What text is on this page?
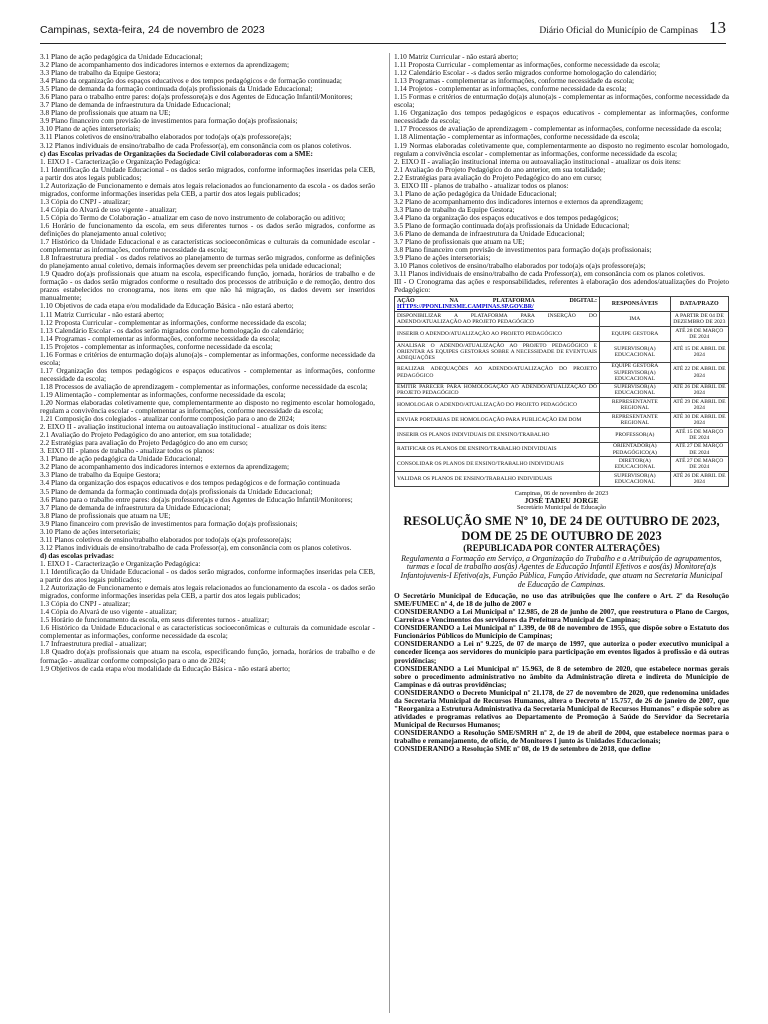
Campinas, sexta-feira, 24 de novembro de 2023	Diário Oficial do Município de Campinas 13

3.1 Plano de ação pedagógica da Unidade Educacional;

3.2 Plano de acompanhamento dos indicadores internos e externos da aprendizagem;

3.3 Plano de trabalho da Equipe Gestora;

3.4 Plano da organização dos espaços educativos e dos tempos pedagógicos e de formação continuada;

3.5 Plano de demanda da formação continuada do(a)s profissionais da Unidade Educacional;

3.6 Plano para o trabalho entre pares: do(a)s professore(a)s e dos Agentes de Educação Infantil/Monitores;

3.7 Plano de demanda de infraestrutura da Unidade Educacional;

3.8 Plano de profissionais que atuam na UE;

3.9 Plano financeiro com previsão de investimentos para formação do(a)s profissionais;

3.10 Plano de ações intersetoriais;

3.11 Planos coletivos de ensino/trabalho elaborados por todo(a)s o(a)s professore(a)s;

3.12 Planos individuais de ensino/trabalho de cada Professor(a), em consonância com os planos coletivos.

c) das Escolas privadas de Organizações da Sociedade Civil colaboradoras com a SME:

1. EIXO I - Caracterização e Organização Pedagógica:

1.1 Identificação da Unidade Educacional - os dados serão migrados, conforme informações inseridas pela CEB, a partir dos atos legais publicados;

1.2 Autorização de Funcionamento e demais atos legais relacionados ao funcionamento da escola - os dados serão migrados, conforme informações inseridas pela CEB, a partir dos atos legais publicados;

1.3 Cópia do CNPJ - atualizar;

1.4 Cópia do Alvará de uso vigente - atualizar;

1.5 Cópia do Termo de Colaboração - atualizar em caso de novo instrumento de colaboração ou aditivo;

1.6 Horário de funcionamento da escola, em seus diferentes turnos - os dados serão migrados, conforme as definições do planejamento anual coletivo;

1.7 Histórico da Unidade Educacional e as características socioeconômicas e culturais da comunidade escolar - complementar as informações, conforme necessidade da escola;

1.8 Infraestrutura predial - os dados relativos ao planejamento de turmas serão migrados, conforme as definições do planejamento anual coletivo, demais informações devem ser preenchidas pela unidade educacional;

1.9 Quadro do(a)s profissionais que atuam na escola, especificando função, jornada, horários de trabalho e de formação - os dados serão migrados conforme o resultado dos processos de atribuição e de remoção, dentro dos prazos estabelecidos no cronograma, nos itens em que não há migração, os dados devem ser inseridos manualmente;

1.10 Objetivos de cada etapa e/ou modalidade da Educação Básica - não estará aberto;

1.11 Matriz Curricular - não estará aberto;

1.12 Proposta Curricular - complementar as informações, conforme necessidade da escola;

1.13 Calendário Escolar - os dados serão migrados conforme homologação do calendário;

1.14 Programas - complementar as informações, conforme necessidade da escola;

1.15 Projetos - complementar as informações, conforme necessidade da escola;

1.16 Formas e critérios de enturmação do(a)s aluno(a)s - complementar as informações, conforme necessidade da escola;

1.17 Organização dos tempos pedagógicos e espaços educativos - complementar as informações, conforme necessidade da escola;

1.18 Processos de avaliação de aprendizagem - complementar as informações, conforme necessidade da escola;

1.19 Alimentação - complementar as informações, conforme necessidade da escola;

1.20 Normas elaboradas coletivamente que, complementarmente ao disposto no regimento escolar homologado, regulam a convivência escolar - complementar as informações, conforme necessidade da escola;

1.21 Composição dos colegiados - atualizar conforme composição para o ano de 2024;

2. EIXO II - avaliação institucional interna ou autoavaliação institucional - atualizar os dois itens:

2.1 Avaliação do Projeto Pedagógico do ano anterior, em sua totalidade;

2.2 Estratégias para avaliação do Projeto Pedagógico do ano em curso;

3. EIXO III - planos de trabalho - atualizar todos os planos:

3.1 Plano de ação pedagógica da Unidade Educacional;

3.2 Plano de acompanhamento dos indicadores internos e externos da aprendizagem;

3.3 Plano de trabalho da Equipe Gestora;

3.4 Plano da organização dos espaços educativos e dos tempos pedagógicos e de formação continuada

3.5 Plano de demanda da formação continuada do(a)s profissionais da Unidade Educacional;

3.6 Plano para o trabalho entre pares: do(a)s professore(a)s e dos Agentes de Educação Infantil/Monitores;

3.7 Plano de demanda de infraestrutura da Unidade Educacional;

3.8 Plano de profissionais que atuam na UE;

3.9 Plano financeiro com previsão de investimentos para formação do(a)s profissionais;

3.10 Plano de ações intersetoriais;

3.11 Planos coletivos de ensino/trabalho elaborados por todo(a)s o(a)s professore(a)s;

3.12 Planos individuais de ensino/trabalho de cada Professor(a), em consonância com os planos coletivos.

d) das escolas privadas:

1. EIXO I - Caracterização e Organização Pedagógica:

1.1 Identificação da Unidade Educacional - os dados serão migrados, conforme informações inseridas pela CEB, a partir dos atos legais publicados;

1.2 Autorização de Funcionamento e demais atos legais relacionados ao funcionamento da escola - os dados serão migrados, conforme informações inseridas pela CEB, a partir dos atos legais publicados;

1.3 Cópia do CNPJ - atualizar;

1.4 Cópia do Alvará de uso vigente - atualizar;

1.5 Horário de funcionamento da escola, em seus diferentes turnos - atualizar;

1.6 Histórico da Unidade Educacional e as características socioeconômicas e culturais da comunidade escolar - complementar as informações, conforme necessidade da escola;

1.7 Infraestrutura predial - atualizar;

1.8 Quadro do(a)s profissionais que atuam na escola, especificando função, jornada, horários de trabalho e de formação - atualizar conforme composição para o ano de 2024;

1.9 Objetivos de cada etapa e/ou modalidade da Educação Básica - não estará aberto;

1.10 Matriz Curricular - não estará aberto;

1.11 Proposta Curricular - complementar as informações, conforme necessidade da escola;

1.12 Calendário Escolar - -s dados serão migrados conforme homologação do calendário;

1.13 Programas - complementar as informações, conforme necessidade da escola;

1.14 Projetos - complementar as informações, conforme necessidade da escola;

1.15 Formas e critérios de enturmação do(a)s aluno(a)s - complementar as informações, conforme necessidade da escola;

1.16 Organização dos tempos pedagógicos e espaços educativos - complementar as informações, conforme necessidade da escola;

1.17 Processos de avaliação de aprendizagem - complementar as informações, conforme necessidade da escola;

1.18 Alimentação - complementar as informações, conforme necessidade da escola;

1.19 Normas elaboradas coletivamente que, complementarmente ao disposto no regimento escolar homologado, regulam a convivência escolar - complementar as informações, conforme necessidade da escola;

2. EIXO II - avaliação institucional interna ou autoavaliação institucional - atualizar os dois itens:

2.1 Avaliação do Projeto Pedagógico do ano anterior, em sua totalidade;

2.2 Estratégias para avaliação do Projeto Pedagógico do ano em curso;

3. EIXO III - planos de trabalho - atualizar todos os planos:

3.1 Plano de ação pedagógica da Unidade Educacional;

3.2 Plano de acompanhamento dos indicadores internos e externos da aprendizagem;

3.3 Plano de trabalho da Equipe Gestora;

3.4 Plano da organização dos espaços educativos e dos tempos pedagógicos;

3.5 Plano de formação continuada do(a)s profissionais da Unidade Educacional;

3.6 Plano de demanda de infraestrutura da Unidade Educacional;

3.7 Plano de profissionais que atuam na UE;

3.8 Plano financeiro com previsão de investimentos para formação do(a)s profissionais;

3.9 Plano de ações intersetoriais;

3.10 Planos coletivos de ensino/trabalho elaborados por todo(a)s o(a)s professore(a)s;

3.11 Planos individuais de ensino/trabalho de cada Professor(a), em consonância com os planos coletivos.

III - O Cronograma das ações e responsabilidades, referentes à elaboração dos adendos/atualizações do Projeto Pedagógico:

AÇÃO NA PLATAFORMA DIGITAL: HTTPS://PPONLINESME.CAMPINAS.SP.GOV.BR/	RESPONSÁVEIS	DATA/PRAZO
DISPONIBILIZAR A PLATAFORMA PARA INSERÇÃO DO ADENDO/ATUALIZAÇÃO AO PROJETO PEDAGÓGICO	IMA	A PARTIR DE 04 DE DEZEMBRO DE 2023
INSERIR O ADENDO/ATUALIZAÇÃO AO PROJETO PEDAGÓGICO	EQUIPE GESTORA	ATÉ 28 DE MARÇO DE 2024
ANALISAR O ADENDO/ATUALIZAÇÃO AO PROJETO PEDAGÓGICO E ORIENTAR AS EQUIPES GESTORAS SOBRE A NECESSIDADE DE EVENTUAIS ADEQUAÇÕES	SUPERVISOR(A) EDUCACIONAL	ATÉ 15 DE ABRIL DE 2024
REALIZAR ADEQUAÇÕES AO ADENDO/ATUALIZAÇÃO DO PROJETO PEDAGÓGICO	EQUIPE GESTORA SUPERVISOR(A) EDUCACIONAL	ATÉ 22 DE ABRIL DE 2024
EMITIR PARECER PARA HOMOLOGAÇÃO AO ADENDO/ATUALIZAÇÃO DO PROJETO PEDAGÓGICO	SUPERVISOR(A) EDUCACIONAL	ATÉ 26 DE ABRIL DE 2024
HOMOLOGAR O ADENDO/ATUALIZAÇÃO DO PROJETO PEDAGÓGICO	REPRESENTANTE REGIONAL	ATÉ 29 DE ABRIL DE 2024
ENVIAR PORTARIAS DE HOMOLOGAÇÃO PARA PUBLICAÇÃO EM DOM	REPRESENTANTE REGIONAL	ATÉ 30 DE ABRIL DE 2024
INSERIR OS PLANOS INDIVIDUAIS DE ENSINO/TRABALHO	PROFESSOR(A)	ATÉ 15 DE MARÇO DE 2024
RATIFICAR OS PLANOS DE ENSINO/TRABALHO INDIVIDUAIS	ORIENTADOR(A) PEDAGÓGICO(A)	ATÉ 27 DE MARÇO DE 2024
CONSOLIDAR OS PLANOS DE ENSINO/TRABALHO INDIVIDUAIS	DIRETOR(A) EDUCACIONAL	ATÉ 27 DE MARÇO DE 2024
VALIDAR OS PLANOS DE ENSINO/TRABALHO INDIVIDUAIS	SUPERVISOR(A) EDUCACIONAL	ATÉ 26 DE ABRIL DE 2024
Campinas, 06 de novembro de 2023
JOSÉ TADEU JORGE
Secretário Municipal de Educação
RESOLUÇÃO SME Nº 10, DE 24 DE OUTUBRO DE 2023,
DOM DE 25 DE OUTUBRO DE 2023
(REPUBLICADA POR CONTER ALTERAÇÕES)
Regulamenta a Formação em Serviço, a Organização do Trabalho e a Atribuição de agrupamentos, turmas e local de trabalho aos(às) Agentes de Educação Infantil Efetivos e aos(às) Monitore(a)s Infantojuvenis-I Efetivo(a)s, Função Pública, Função Atividade, que atuam na Secretaria Municipal de Educação de Campinas.

O Secretário Municipal de Educação, no uso das atribuições que lhe confere o Art. 2º da Resolução SME/FUMEC nº 4, de 18 de julho de 2007 e

CONSIDERANDO a Lei Municipal nº 12.985, de 28 de junho de 2007, que reestrutura o Plano de Cargos, Carreiras e Vencimentos dos servidores da Prefeitura Municipal de Campinas;

CONSIDERANDO a Lei Municipal nº 1.399, de 08 de novembro de 1955, que dispõe sobre o Estatuto dos Funcionários Públicos do Município de Campinas;

CONSIDERANDO a Lei nº 9.225, de 07 de março de 1997, que autoriza o poder executivo municipal a conceder licença aos servidores do município para participação em eventos ligados à profissão e dá outras providências;

CONSIDERANDO a Lei Municipal nº 15.963, de 8 de setembro de 2020, que estabelece normas gerais sobre o procedimento administrativo no âmbito da Administração direta e indireta do Município de Campinas e dá outras providências;

CONSIDERANDO o Decreto Municipal nº 21.178, de 27 de novembro de 2020, que redenomina unidades da Secretaria Municipal de Recursos Humanos, altera o Decreto nº 15.757, de 26 de janeiro de 2007, que "Reorganiza a Estrutura Administrativa da Secretaria Municipal de Recursos Humanos" e dispõe sobre as atividades e programas relativos ao Departamento de Promoção à Saúde do Servidor da Secretaria Municipal de Recursos Humanos;

CONSIDERANDO a Resolução SME/SMRH nº 2, de 19 de abril de 2004, que estabelece normas para o trabalho e remanejamento, de ofício, de Monitores I junto às Unidades Educacionais;

CONSIDERANDO a Resolução SME nº 08, de 19 de setembro de 2018, que define
